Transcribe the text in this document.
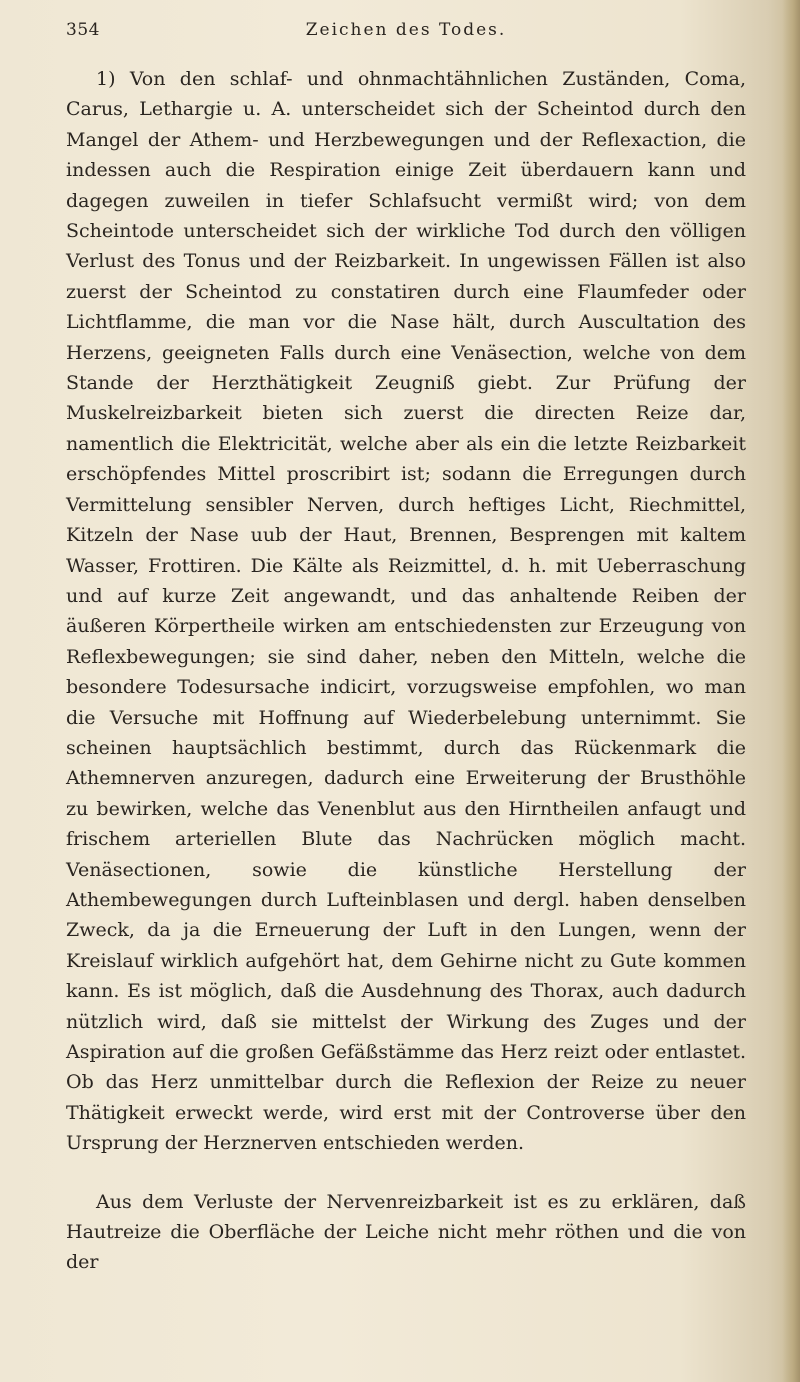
354	Zeichen des Todes.

1) Von den schlaf- und ohnmachtähnlichen Zuständen, Coma, Carus, Lethargie u. A. unterscheidet sich der Scheintod durch den Mangel der Athem- und Herzbewegungen und der Reflexaction, die indessen auch die Respiration einige Zeit überdauern kann und dagegen zuweilen in tiefer Schlafsucht vermißt wird; von dem Scheintode unterscheidet sich der wirkliche Tod durch den völligen Verlust des Tonus und der Reizbarkeit. In ungewissen Fällen ist also zuerst der Scheintod zu constatiren durch eine Flaumfeder oder Lichtflamme, die man vor die Nase hält, durch Auscultation des Herzens, geeigneten Falls durch eine Venäsection, welche von dem Stande der Herzthätigkeit Zeugniß giebt. Zur Prüfung der Muskelreizbarkeit bieten sich zuerst die directen Reize dar, namentlich die Elektricität, welche aber als ein die letzte Reizbarkeit erschöpfendes Mittel proscribirt ist; sodann die Erregungen durch Vermittelung sensibler Nerven, durch heftiges Licht, Riechmittel, Kitzeln der Nase uub der Haut, Brennen, Besprengen mit kaltem Wasser, Frottiren. Die Kälte als Reizmittel, d. h. mit Ueberraschung und auf kurze Zeit angewandt, und das anhaltende Reiben der äußeren Körpertheile wirken am entschiedensten zur Erzeugung von Reflexbewegungen; sie sind daher, neben den Mitteln, welche die besondere Todesursache indicirt, vorzugsweise empfohlen, wo man die Versuche mit Hoffnung auf Wiederbelebung unternimmt. Sie scheinen hauptsächlich bestimmt, durch das Rückenmark die Athemnerven anzuregen, dadurch eine Erweiterung der Brusthöhle zu bewirken, welche das Venenblut aus den Hirntheilen anfaugt und frischem arteriellen Blute das Nachrücken möglich macht. Venäsectionen, sowie die künstliche Herstellung der Athembewegungen durch Lufteinblasen und dergl. haben denselben Zweck, da ja die Erneuerung der Luft in den Lungen, wenn der Kreislauf wirklich aufgehört hat, dem Gehirne nicht zu Gute kommen kann. Es ist möglich, daß die Ausdehnung des Thorax, auch dadurch nützlich wird, daß sie mittelst der Wirkung des Zuges und der Aspiration auf die großen Gefäßstämme das Herz reizt oder entlastet. Ob das Herz unmittelbar durch die Reflexion der Reize zu neuer Thätigkeit erweckt werde, wird erst mit der Controverse über den Ursprung der Herznerven entschieden werden.

Aus dem Verluste der Nervenreizbarkeit ist es zu erklären, daß Hautreize die Oberfläche der Leiche nicht mehr röthen und die von der
